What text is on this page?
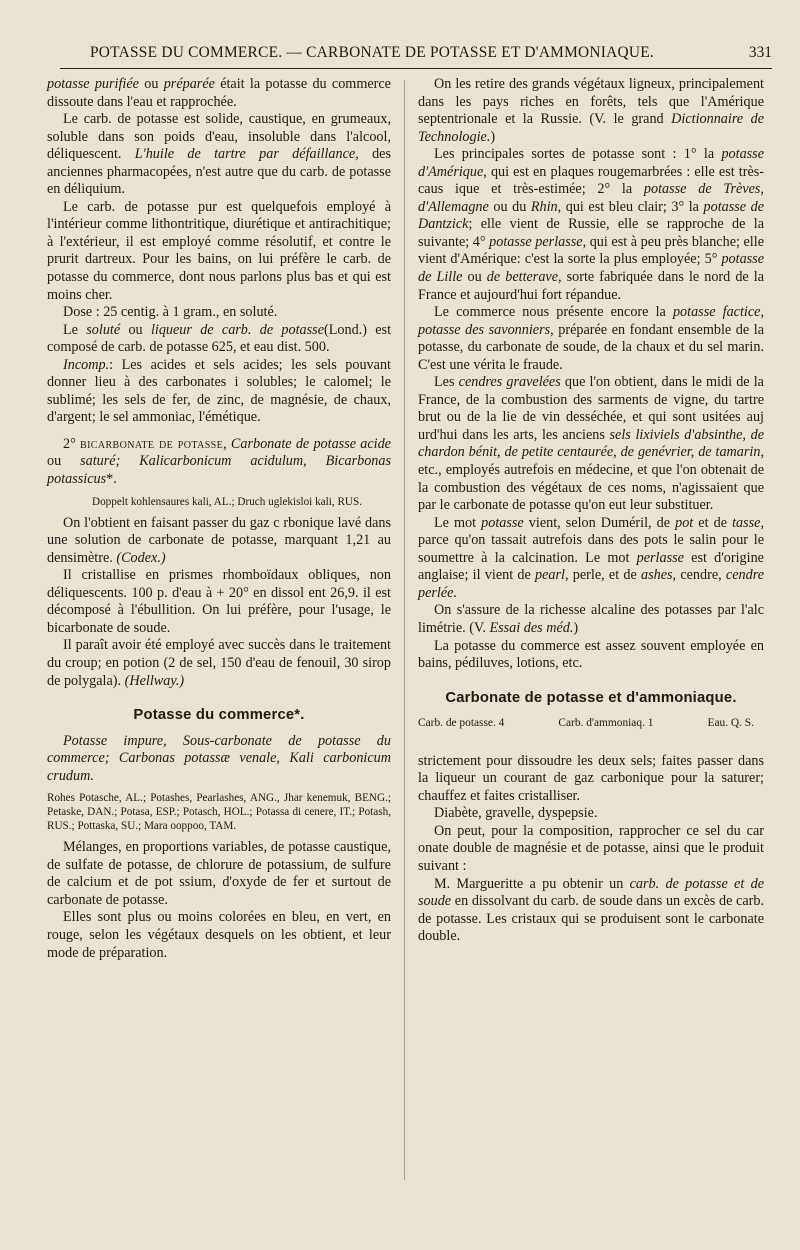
POTASSE DU COMMERCE. — CARBONATE DE POTASSE ET D'AMMONIAQUE.	331

potasse purifiée ou préparée était la potasse du commerce dissoute dans l'eau et rapprochée.

Le carb. de potasse est solide, caustique, en grumeaux, soluble dans son poids d'eau, insoluble dans l'alcool, déliquescent. L'huile de tartre par défaillance, des anciennes pharmacopées, n'est autre que du carb. de potasse en déliquium.

Le carb. de potasse pur est quelquefois employé à l'intérieur comme lithontritique, diurétique et antirachitique; à l'extérieur, il est employé comme résolutif, et contre le prurit dartreux. Pour les bains, on lui préfère le carb. de potasse du commerce, dont nous parlons plus bas et qui est moins cher.

Dose : 25 centig. à 1 gram., en soluté.

Le soluté ou liqueur de carb. de potasse(Lond.) est composé de carb. de potasse 625, et eau dist. 500.

Incomp.: Les acides et sels acides; les sels pouvant donner lieu à des carbonates i solubles; le calomel; le sublimé; les sels de fer, de zinc, de magnésie, de chaux, d'argent; le sel ammoniac, l'émétique.

2° bicarbonate de potasse, Carbonate de potasse acide ou saturé; Kalicarbonicum acidulum, Bicarbonas potassicus*.

Doppelt kohlensaures kali, AL.; Druch uglekisloi kali, RUS.

On l'obtient en faisant passer du gaz c rbonique lavé dans une solution de carbonate de potasse, marquant 1,21 au densimètre. (Codex.)

Il cristallise en prismes rhomboïdaux obliques, non déliquescents. 100 p. d'eau à + 20° en dissol ent 26,9. il est décomposé à l'ébullition. On lui préfère, pour l'usage, le bicarbonate de soude.

Il paraît avoir été employé avec succès dans le traitement du croup; en potion (2 de sel, 150 d'eau de fenouil, 30 sirop de polygala). (Hellway.)

Potasse du commerce*.

Potasse impure, Sous-carbonate de potasse du commerce; Carbonas potassæ venale, Kali carbonicum crudum.

Rohes Potasche, AL.; Potashes, Pearlashes, ANG., Jhar kenemuk, BENG.; Petaske, DAN.; Potasa, ESP.; Potasch, HOL.; Potassa di cenere, IT.; Potash, RUS.; Pottaska, SU.; Mara ooppoo, TAM.

Mélanges, en proportions variables, de potasse caustique, de sulfate de potasse, de chlorure de potassium, de sulfure de calcium et de pot ssium, d'oxyde de fer et surtout de carbonate de potasse.

Elles sont plus ou moins colorées en bleu, en vert, en rouge, selon les végétaux desquels on les obtient, et leur mode de préparation.

On les retire des grands végétaux ligneux, principalement dans les pays riches en forêts, tels que l'Amérique septentrionale et la Russie. (V. le grand Dictionnaire de Technologie.)

Les principales sortes de potasse sont : 1° la potasse d'Amérique, qui est en plaques rougemarbrées : elle est très-caus ique et très-estimée; 2° la potasse de Trèves, d'Allemagne ou du Rhin, qui est bleu clair; 3° la potasse de Dantzick; elle vient de Russie, elle se rapproche de la suivante; 4° potasse perlasse, qui est à peu près blanche; elle vient d'Amérique: c'est la sorte la plus employée; 5° potasse de Lille ou de betterave, sorte fabriquée dans le nord de la France et aujourd'hui fort répandue.

Le commerce nous présente encore la potasse factice, potasse des savonniers, préparée en fondant ensemble de la potasse, du carbonate de soude, de la chaux et du sel marin. C'est une vérita le fraude.

Les cendres gravelées que l'on obtient, dans le midi de la France, de la combustion des sarments de vigne, du tartre brut ou de la lie de vin desséchée, et qui sont usitées auj urd'hui dans les arts, les anciens sels lixiviels d'absinthe, de chardon bénit, de petite centaurée, de genévrier, de tamarin, etc., employés autrefois en médecine, et que l'on obtenait de la combustion des végétaux de ces noms, n'agissaient que par le carbonate de potasse qu'on eut leur substituer.

Le mot potasse vient, selon Duméril, de pot et de tasse, parce qu'on tassait autrefois dans des pots le salin pour le soumettre à la calcination. Le mot perlasse est d'origine anglaise; il vient de pearl, perle, et de ashes, cendre, cendre perlée.

On s'assure de la richesse alcaline des potasses par l'alc limétrie. (V. Essai des méd.)

La potasse du commerce est assez souvent employée en bains, pédiluves, lotions, etc.

Carbonate de potasse et d'ammoniaque.
Carb. de potasse. 4	Carb. d'ammoniaq. 1	Eau. Q. S.

strictement pour dissoudre les deux sels; faites passer dans la liqueur un courant de gaz carbonique pour la saturer; chauffez et faites cristalliser.

Diabète, gravelle, dyspepsie.

On peut, pour la composition, rapprocher ce sel du car onate double de magnésie et de potasse, ainsi que le produit suivant :

M. Margueritte a pu obtenir un carb. de potasse et de soude en dissolvant du carb. de soude dans un excès de carb. de potasse. Les cristaux qui se produisent sont le carbonate double.
